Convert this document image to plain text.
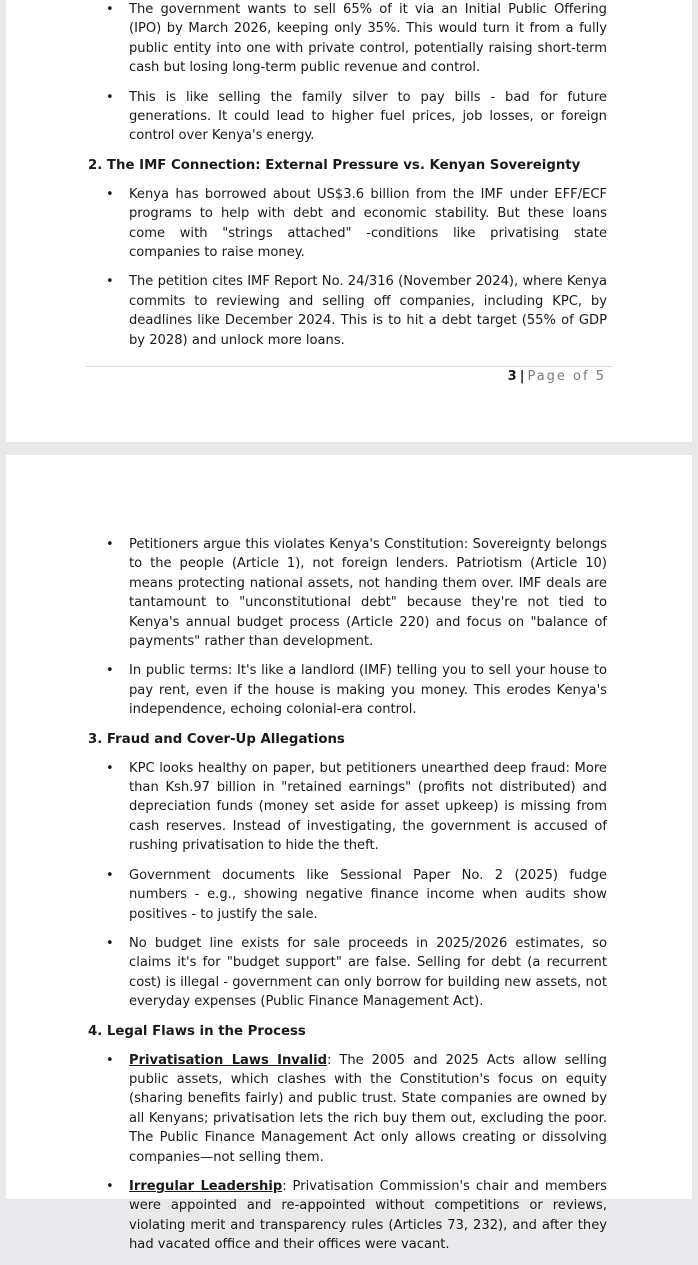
• The government wants to sell 65% of it via an Initial Public Offering (IPO) by March 2026, keeping only 35%. This would turn it from a fully public entity into one with private control, potentially raising short-term cash but losing long-term public revenue and control.
• This is like selling the family silver to pay bills - bad for future generations. It could lead to higher fuel prices, job losses, or foreign control over Kenya's energy.
2. The IMF Connection: External Pressure vs. Kenyan Sovereignty
• Kenya has borrowed about US$3.6 billion from the IMF under EFF/ECF programs to help with debt and economic stability. But these loans come with "strings attached" -conditions like privatising state companies to raise money.
• The petition cites IMF Report No. 24/316 (November 2024), where Kenya commits to reviewing and selling off companies, including KPC, by deadlines like December 2024. This is to hit a debt target (55% of GDP by 2028) and unlock more loans.
3 | Page of 5
• Petitioners argue this violates Kenya's Constitution: Sovereignty belongs to the people (Article 1), not foreign lenders. Patriotism (Article 10) means protecting national assets, not handing them over. IMF deals are tantamount to "unconstitutional debt" because they're not tied to Kenya's annual budget process (Article 220) and focus on "balance of payments" rather than development.
• In public terms: It's like a landlord (IMF) telling you to sell your house to pay rent, even if the house is making you money. This erodes Kenya's independence, echoing colonial-era control.
3. Fraud and Cover-Up Allegations
• KPC looks healthy on paper, but petitioners unearthed deep fraud: More than Ksh.97 billion in "retained earnings" (profits not distributed) and depreciation funds (money set aside for asset upkeep) is missing from cash reserves. Instead of investigating, the government is accused of rushing privatisation to hide the theft.
• Government documents like Sessional Paper No. 2 (2025) fudge numbers - e.g., showing negative finance income when audits show positives - to justify the sale.
• No budget line exists for sale proceeds in 2025/2026 estimates, so claims it's for "budget support" are false. Selling for debt (a recurrent cost) is illegal - government can only borrow for building new assets, not everyday expenses (Public Finance Management Act).
4. Legal Flaws in the Process
• Privatisation Laws Invalid: The 2005 and 2025 Acts allow selling public assets, which clashes with the Constitution's focus on equity (sharing benefits fairly) and public trust. State companies are owned by all Kenyans; privatisation lets the rich buy them out, excluding the poor. The Public Finance Management Act only allows creating or dissolving companies—not selling them.
• Irregular Leadership: Privatisation Commission's chair and members were appointed and re-appointed without competitions or reviews, violating merit and transparency rules (Articles 73, 232), and after they had vacated office and their offices were vacant.
